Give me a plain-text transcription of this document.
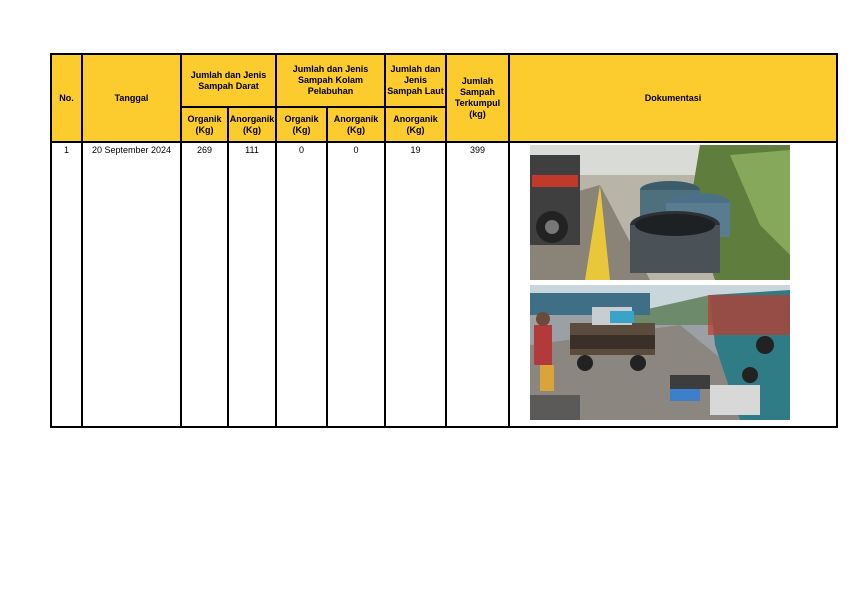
No.	Tanggal	Jumlah dan Jenis Sampah Darat		Jumlah dan Jenis Sampah Kolam Pelabuhan		Jumlah dan Jenis Sampah Laut	Jumlah Sampah Terkumpul (kg)	Dokumentasi
		Organik (Kg)	Anorganik (Kg)	Organik (Kg)	Anorganik (Kg)	Anorganik (Kg)		
1	20 September 2024	269	111	0	0	19	399	
